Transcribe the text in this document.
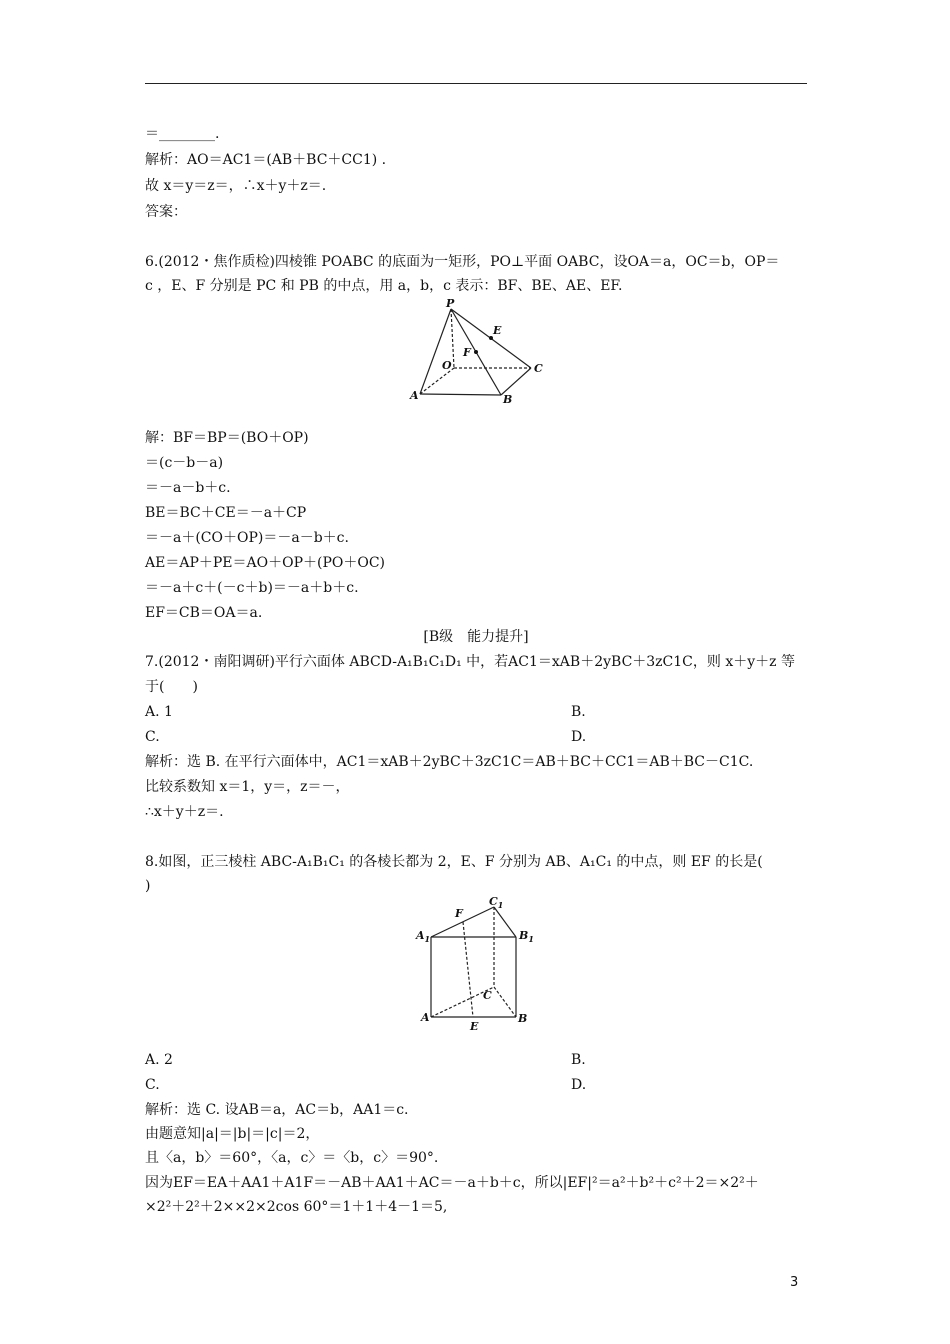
＝________.
解析：AO＝AC1＝(AB＋BC＋CC1) .
故 x＝y＝z＝，∴x＋y＋z＝.
答案：
6.(2012・焦作质检)四棱锥 POABC 的底面为一矩形，PO⊥平面 OABC，设OA＝a，OC＝b，OP＝
c ，E、F 分别是 PC 和 PB 的中点，用 a，b，c 表示：BF、BE、AE、EF.
P
E
F
O	C
A	B
解：BF＝BP＝(BO＋OP)
＝(c－b－a)
＝－a－b＋c.
BE＝BC＋CE＝－a＋CP
＝－a＋(CO＋OP)＝－a－b＋c.
AE＝AP＋PE＝AO＋OP＋(PO＋OC)
＝－a＋c＋(－c＋b)＝－a＋b＋c.
EF＝CB＝OA＝a.
[B级　能力提升]
7.(2012・南阳调研)平行六面体 ABCD-A₁B₁C₁D₁ 中，若AC1＝xAB＋2yBC＋3zC1C，则 x＋y＋z 等
于(　　)
A. 1	B.
C.	D.
解析：选 B. 在平行六面体中，AC1＝xAB＋2yBC＋3zC1C＝AB＋BC＋CC1＝AB＋BC－C1C.
比较系数知 x＝1，y＝，z＝－，
∴x＋y＋z＝.
8.如图，正三棱柱 ABC-A₁B₁C₁ 的各棱长都为 2，E、F 分别为 AB、A₁C₁ 的中点，则 EF 的长是(
)
$C_1$
$A_1$	$B_1$
F
C
A
E
B
A. 2	B.
C.	D.
解析：选 C. 设AB＝a，AC＝b，AA1＝c.
由题意知|a|＝|b|＝|c|＝2，
且〈a，b〉＝60°，〈a，c〉＝〈b，c〉＝90°.
因为EF＝EA＋AA1＋A1F＝－AB＋AA1＋AC＝－a＋b＋c，所以|EF|²＝a²＋b²＋c²＋2＝×2²＋
×2²＋2²＋2××2×2cos 60°＝1＋1＋4－1＝5,
3
